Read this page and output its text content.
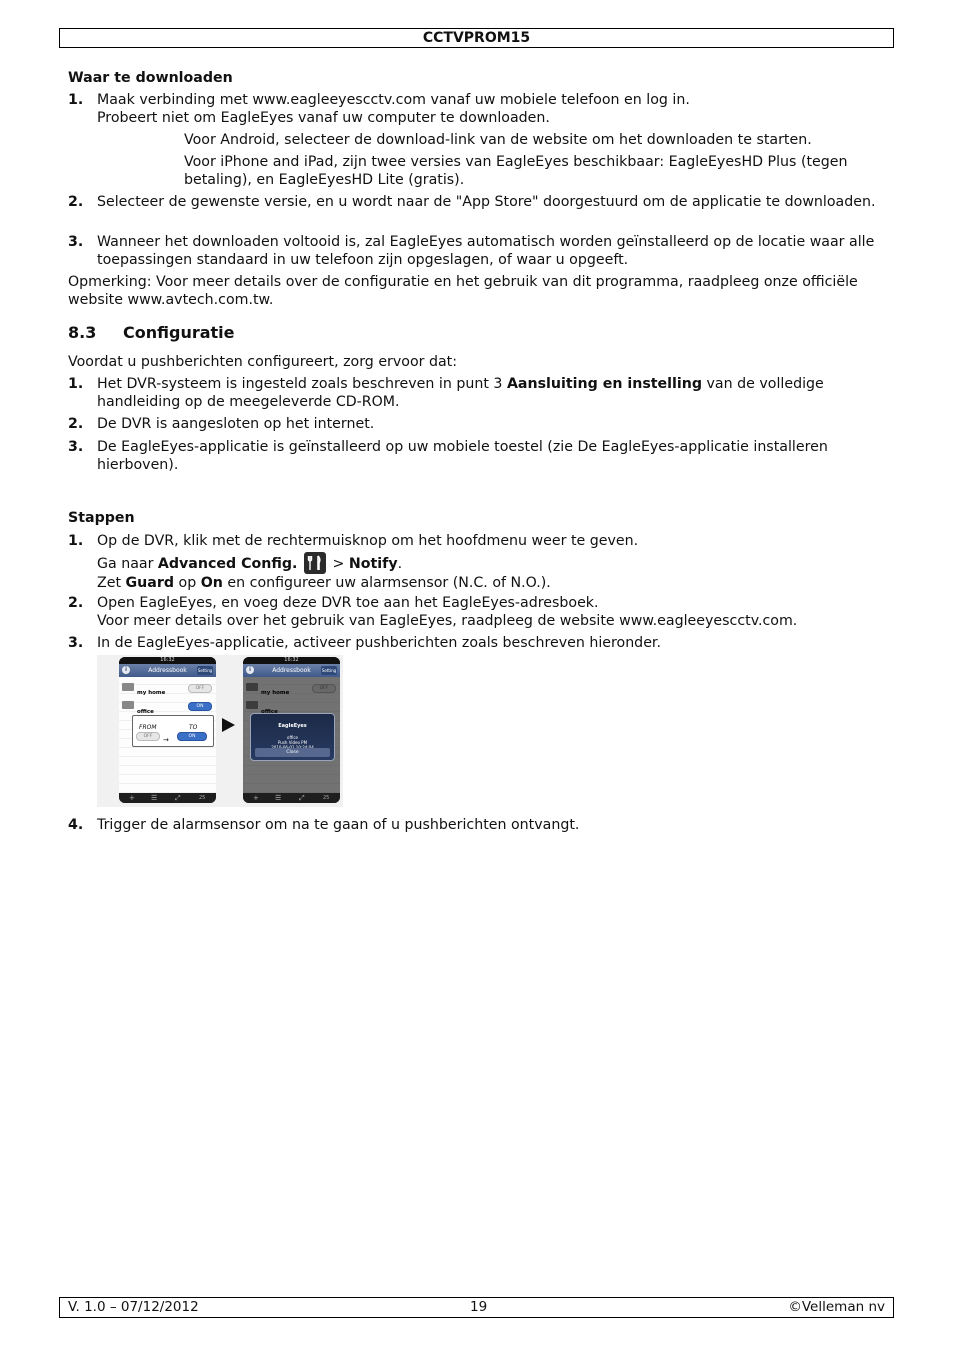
CCTVPROM15
Waar te downloaden
1. Maak verbinding met www.eagleeyescctv.com vanaf uw mobiele telefoon en log in.
Probeert niet om EagleEyes vanaf uw computer te downloaden.
Voor Android, selecteer de download-link van de website om het downloaden te starten.
Voor iPhone and iPad, zijn twee versies van EagleEyes beschikbaar: EagleEyesHD Plus (tegen betaling), en EagleEyesHD Lite (gratis).
2. Selecteer de gewenste versie, en u wordt naar de "App Store" doorgestuurd om de applicatie te downloaden.
3. Wanneer het downloaden voltooid is, zal EagleEyes automatisch worden geïnstalleerd op de locatie waar alle toepassingen standaard in uw telefoon zijn opgeslagen, of waar u opgeeft.
Opmerking: Voor meer details over de configuratie en het gebruik van dit programma, raadpleeg onze officiële website www.avtech.com.tw.
8.3 Configuratie
Voordat u pushberichten configureert, zorg ervoor dat:
1. Het DVR-systeem is ingesteld zoals beschreven in punt 3 Aansluiting en instelling van de volledige handleiding op de meegeleverde CD-ROM.
2. De DVR is aangesloten op het internet.
3. De EagleEyes-applicatie is geïnstalleerd op uw mobiele toestel (zie De EagleEyes-applicatie installeren hierboven).
Stappen
1. Op de DVR, klik met de rechtermuisknop om het hoofdmenu weer te geven.
Ga naar Advanced Config.
> Notify.
Zet Guard op On en configureer uw alarmsensor (N.C. of N.O.).
2. Open EagleEyes, en voeg deze DVR toe aan het EagleEyes-adresboek.
Voor meer details over het gebruik van EagleEyes, raadpleeg de website www.eagleeyescctv.com.
3. In de EagleEyes-applicatie, activeer pushberichten zoals beschreven hieronder.
16:32
Addressbook
i	Setting
my home
OFF
office
ON
FROM	TO
OFF	→	ON
+ ☰	⤢	25
16:32
Addressbook
i	Setting
EagleEyes
office
Push Video PM
Close
+ ☰	⤢	25
4. Trigger de alarmsensor om na te gaan of u pushberichten ontvangt.
V. 1.0 – 07/12/2012	19	©Velleman nv
